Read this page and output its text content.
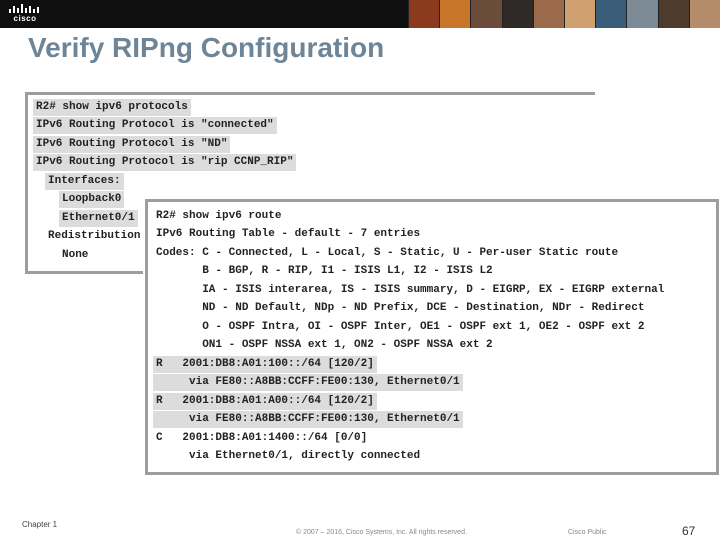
cisco
Verify RIPng Configuration
R2# show ipv6 protocols
IPv6 Routing Protocol is "connected"
IPv6 Routing Protocol is "ND"
IPv6 Routing Protocol is "rip CCNP_RIP"
Interfaces:
Loopback0
Ethernet0/1
Redistribution
None
R2# show ipv6 route
IPv6 Routing Table - default - 7 entries
Codes: C - Connected, L - Local, S - Static, U - Per-user Static route
B - BGP, R - RIP, I1 - ISIS L1, I2 - ISIS L2
IA - ISIS interarea, IS - ISIS summary, D - EIGRP, EX - EIGRP external
ND - ND Default, NDp - ND Prefix, DCE - Destination, NDr - Redirect
O - OSPF Intra, OI - OSPF Inter, OE1 - OSPF ext 1, OE2 - OSPF ext 2
ON1 - OSPF NSSA ext 1, ON2 - OSPF NSSA ext 2
R   2001:DB8:A01:100::/64 [120/2]
via FE80::A8BB:CCFF:FE00:130, Ethernet0/1
R   2001:DB8:A01:A00::/64 [120/2]
via FE80::A8BB:CCFF:FE00:130, Ethernet0/1
C   2001:DB8:A01:1400::/64 [0/0]
via Ethernet0/1, directly connected
Chapter 1
© 2007 – 2016, Cisco Systems, Inc. All rights reserved.	Cisco Public	67
